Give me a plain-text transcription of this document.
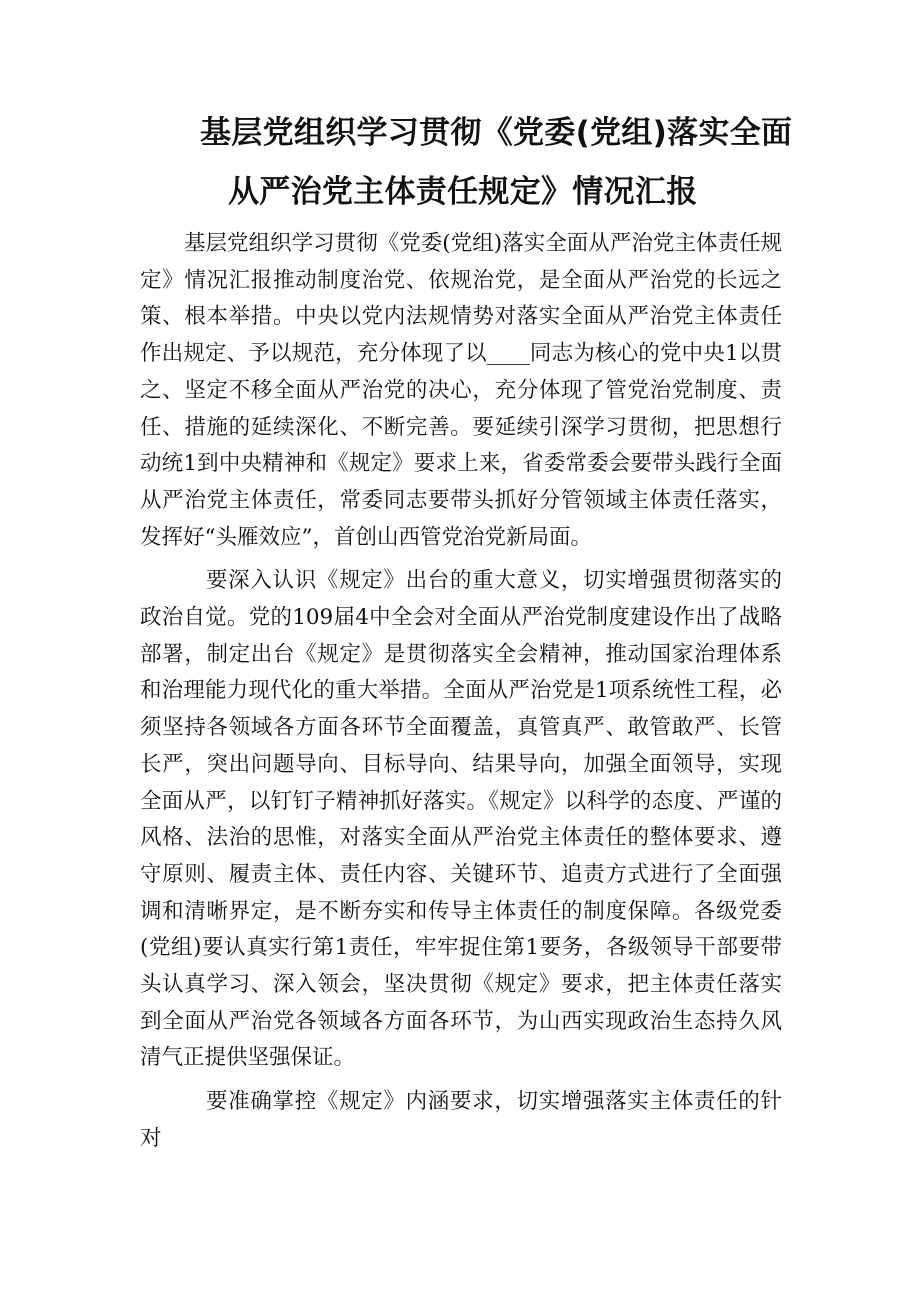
基层党组织学习贯彻《党委(党组)落实全面
从严治党主体责任规定》情况汇报

基层党组织学习贯彻《党委(党组)落实全面从严治党主体责任规定》情况汇报推动制度治党、依规治党，是全面从严治党的长远之策、根本举措。中央以党内法规情势对落实全面从严治党主体责任作出规定、予以规范，充分体现了以____同志为核心的党中央1以贯之、坚定不移全面从严治党的决心，充分体现了管党治党制度、责任、措施的延续深化、不断完善。要延续引深学习贯彻，把思想行动统1到中央精神和《规定》要求上来，省委常委会要带头践行全面从严治党主体责任，常委同志要带头抓好分管领域主体责任落实，发挥好“头雁效应”，首创山西管党治党新局面。

要深入认识《规定》出台的重大意义，切实增强贯彻落实的政治自觉。党的109届4中全会对全面从严治党制度建设作出了战略部署，制定出台《规定》是贯彻落实全会精神，推动国家治理体系和治理能力现代化的重大举措。全面从严治党是1项系统性工程，必须坚持各领域各方面各环节全面覆盖，真管真严、敢管敢严、长管长严，突出问题导向、目标导向、结果导向，加强全面领导，实现全面从严，以钉钉子精神抓好落实。《规定》以科学的态度、严谨的风格、法治的思惟，对落实全面从严治党主体责任的整体要求、遵守原则、履责主体、责任内容、关键环节、追责方式进行了全面强调和清晰界定，是不断夯实和传导主体责任的制度保障。各级党委(党组)要认真实行第1责任，牢牢捉住第1要务，各级领导干部要带头认真学习、深入领会，坚决贯彻《规定》要求，把主体责任落实到全面从严治党各领域各方面各环节，为山西实现政治生态持久风清气正提供坚强保证。

要准确掌控《规定》内涵要求，切实增强落实主体责任的针对
